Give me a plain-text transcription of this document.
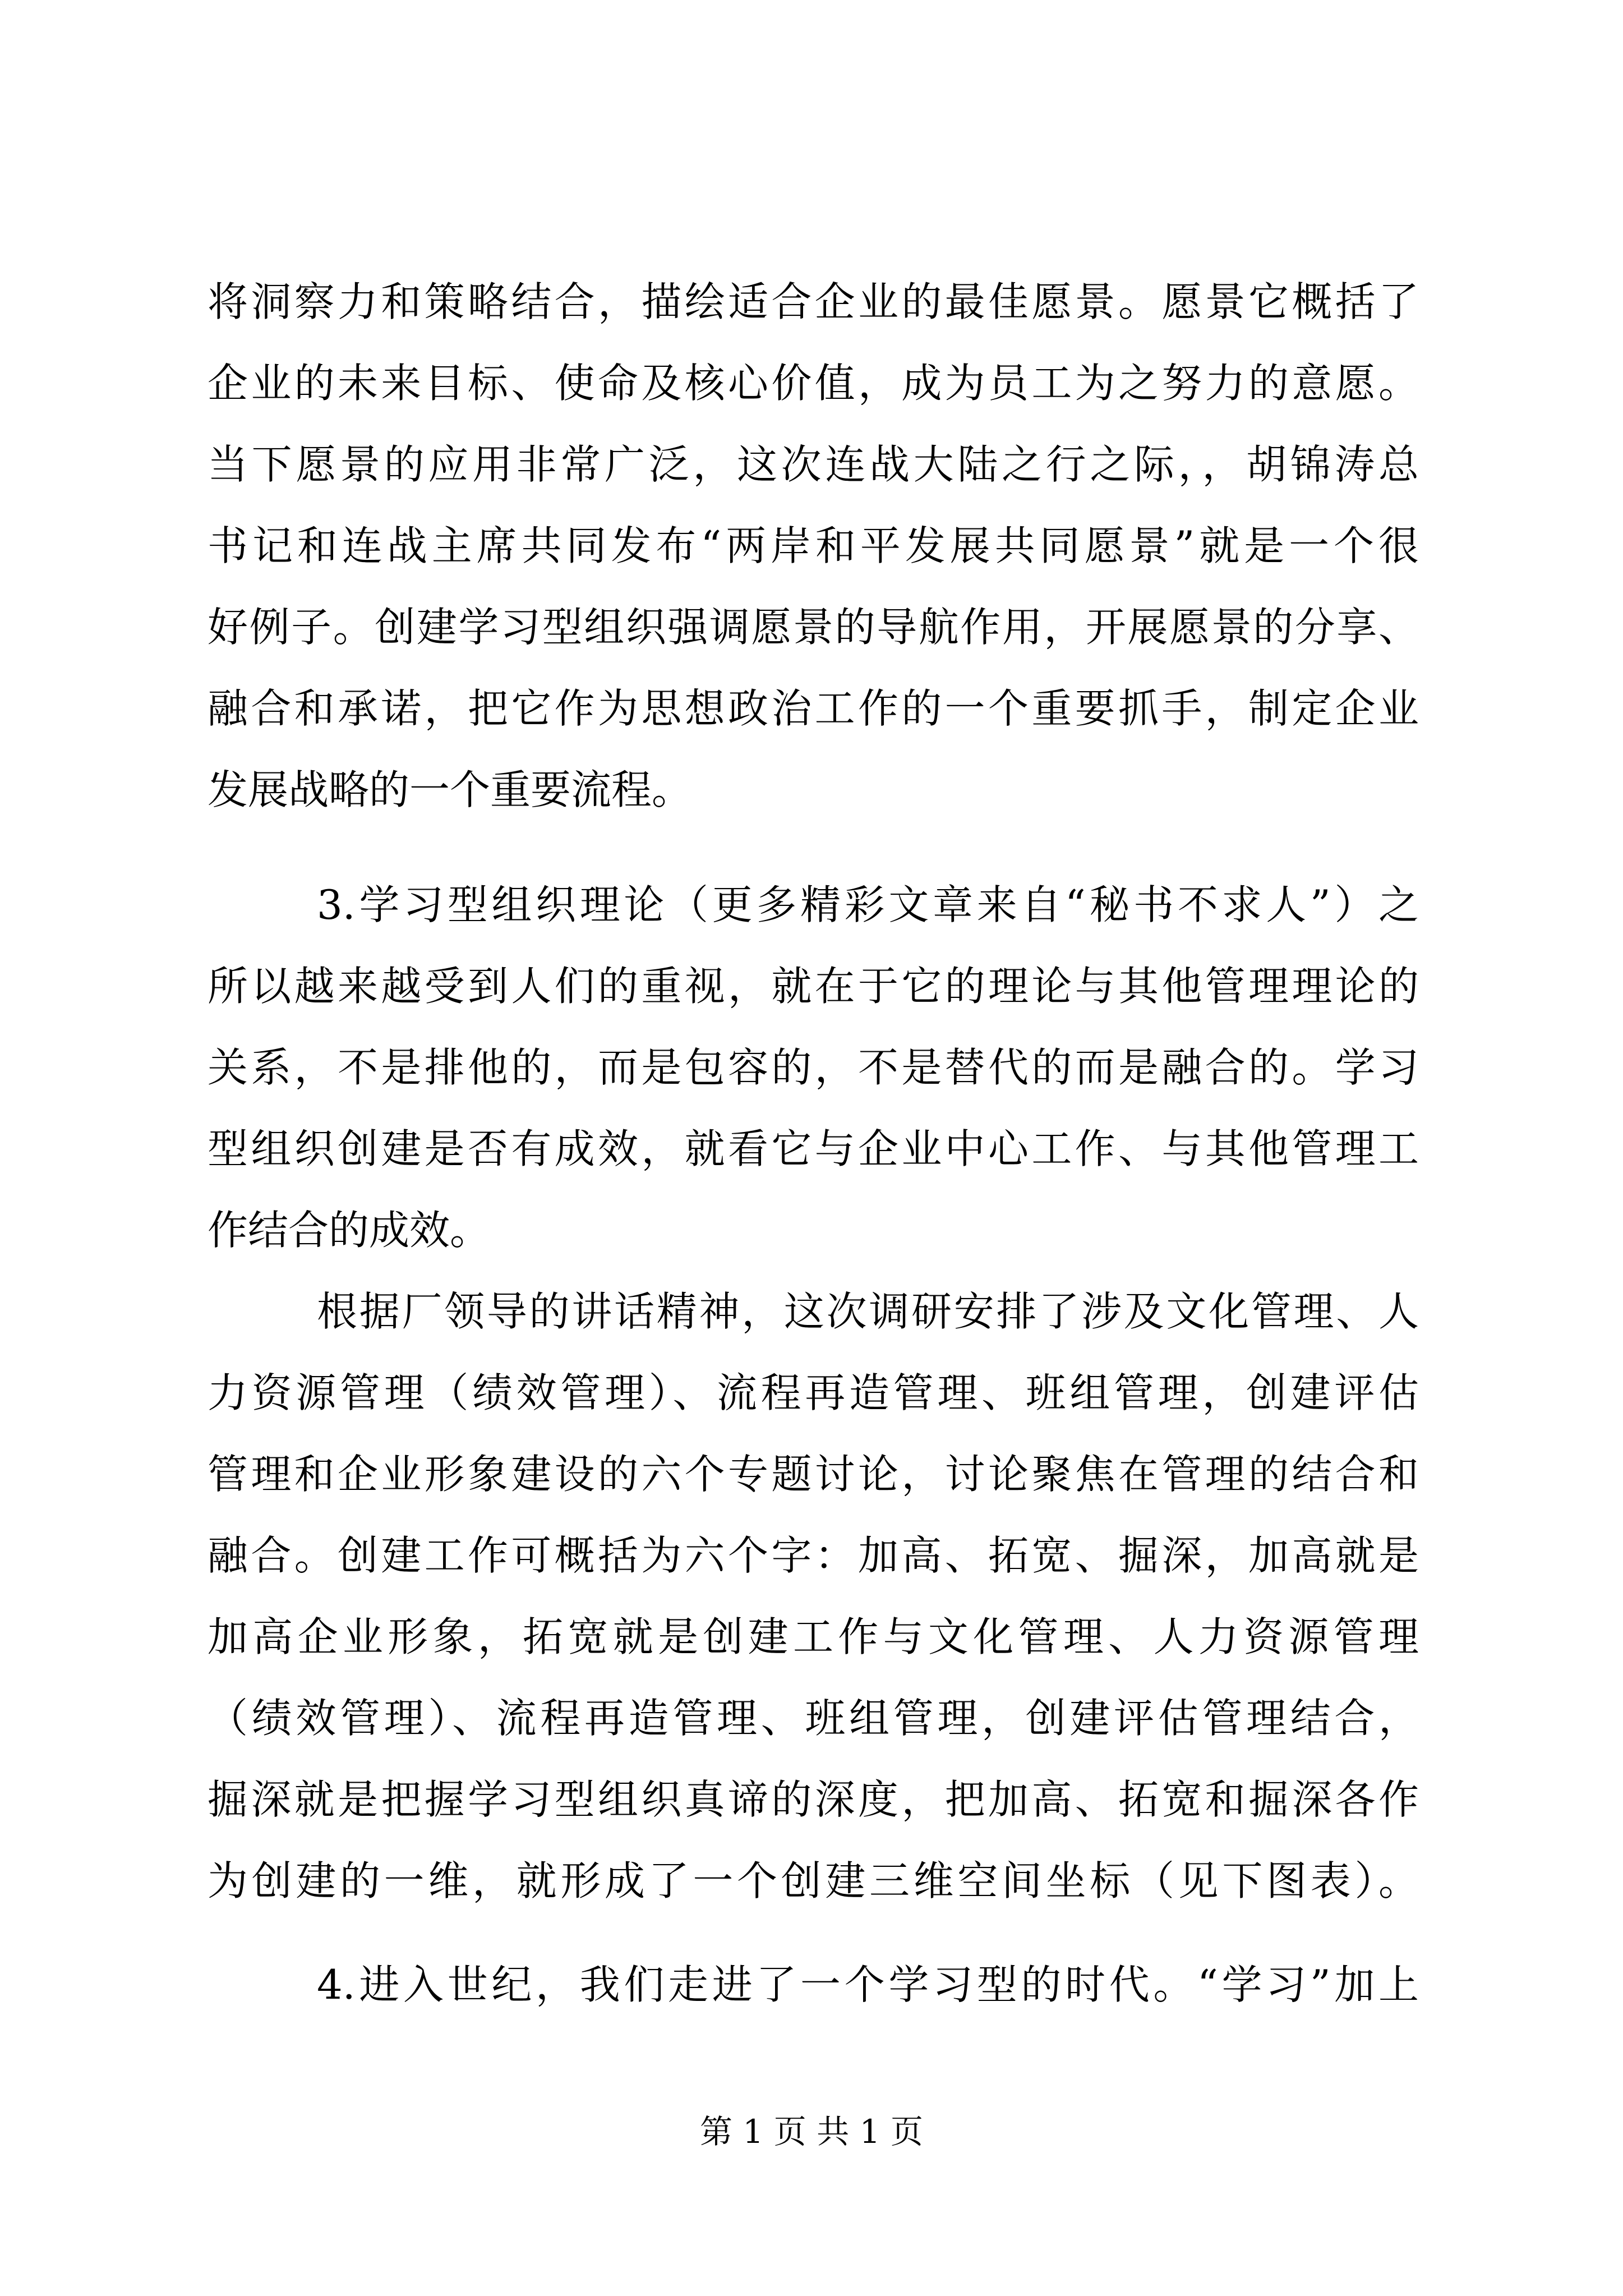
将洞察力和策略结合，描绘适合企业的最佳愿景。愿景它概括了
企业的未来目标、使命及核心价值，成为员工为之努力的意愿。
当下愿景的应用非常广泛，这次连战大陆之行之际，，胡锦涛总
书记和连战主席共同发布“两岸和平发展共同愿景”就是一个很
好例子。创建学习型组织强调愿景的导航作用，开展愿景的分享、
融合和承诺，把它作为思想政治工作的一个重要抓手，制定企业
发展战略的一个重要流程。
3.学习型组织理论（更多精彩文章来自“秘书不求人”）之
所以越来越受到人们的重视，就在于它的理论与其他管理理论的
关系，不是排他的，而是包容的，不是替代的而是融合的。学习
型组织创建是否有成效，就看它与企业中心工作、与其他管理工
作结合的成效。
根据厂领导的讲话精神，这次调研安排了涉及文化管理、人
力资源管理（绩效管理）、流程再造管理、班组管理，创建评估
管理和企业形象建设的六个专题讨论，讨论聚焦在管理的结合和
融合。创建工作可概括为六个字：加高、拓宽、掘深，加高就是
加高企业形象，拓宽就是创建工作与文化管理、人力资源管理
（绩效管理）、流程再造管理、班组管理，创建评估管理结合，
掘深就是把握学习型组织真谛的深度，把加高、拓宽和掘深各作
为创建的一维，就形成了一个创建三维空间坐标（见下图表）。
4.进入世纪，我们走进了一个学习型的时代。“学习”加上
第 1 页 共 1 页
